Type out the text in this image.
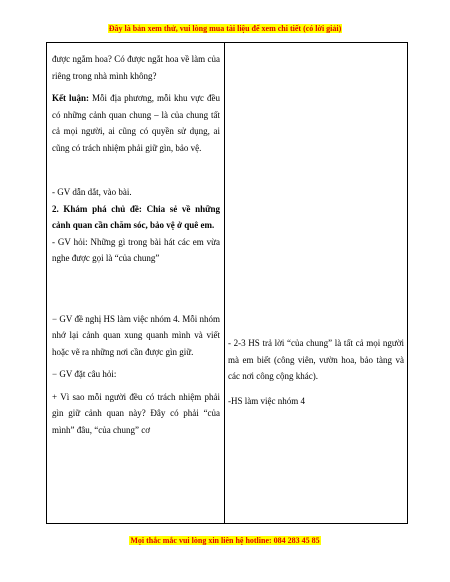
Đây là bản xem thử, vui lòng mua tài liệu để xem chi tiết (có lời giải)

được ngắm hoa? Có được ngắt hoa về làm của riêng trong nhà mình không?

Kết luận: Mỗi địa phương, mỗi khu vực đều có những cảnh quan chung – là của chung tất cả mọi người, ai cũng có quyền sử dụng, ai cũng có trách nhiệm phải giữ gìn, bảo vệ.

- GV dẫn dắt, vào bài.

2. Khám phá chủ đề: Chia sẻ về những cảnh quan cần chăm sóc, bảo vệ ở quê em.

- GV hỏi: Những gì trong bài hát các em vừa nghe được gọi là “của chung”

− GV đề nghị HS làm việc nhóm 4. Mỗi nhóm nhớ lại cảnh quan xung quanh mình và viết hoặc vẽ ra những nơi cần được gìn giữ.

− GV đặt câu hỏi:

+ Vì sao mỗi người đều có trách nhiệm phải gìn giữ cảnh quan này? Đây có phải “của mình” đâu, “của chung” cơ

- 2-3 HS trả lời “của chung” là tất cả mọi người mà em biết (công viên, vườn hoa, bảo tàng và các nơi công cộng khác).

-HS làm việc nhóm 4

Mọi thắc mắc vui lòng xin liên hệ hotline: 084 283 45 85
